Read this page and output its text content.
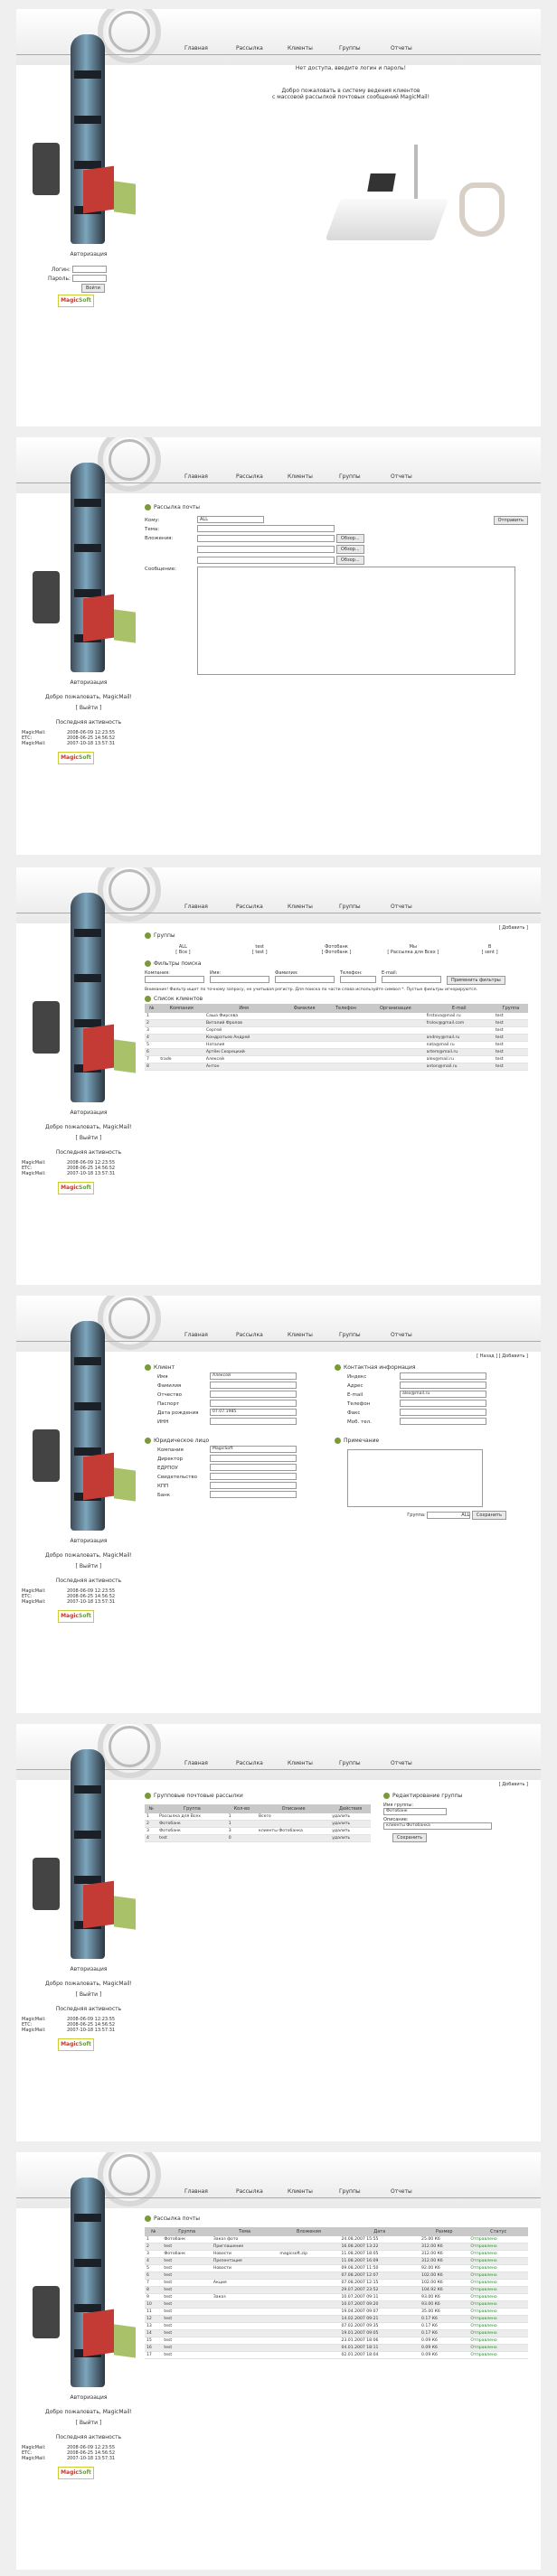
Главная	Рассылка	Клиенты	Группы	Отчеты
Нет доступа, введите логин и пароль!
Добро пожаловать в систему ведения клиентов
с массовой рассылкой почтовых сообщений MagicMail!
Авторизация
Логин:
Пароль:
Войти
MagicSoft
Главная	Рассылка	Клиенты	Группы	Отчеты
Рассылка почты
Кому:	ALL	Отправить
Тема:
Вложения:	Обзор...
Обзор...
Обзор...
Сообщение:
Авторизация
Добро пожаловать, MagicMail!
[ Выйти ]
Последняя активность
MagicMail:	2008-06-09 12:23:55
ЕТС:	2008-06-25 14:56:52
MagicMail:	2007-10-18 13:57:31
MagicSoft
Главная	Рассылка	Клиенты	Группы	Отчеты
[ Добавить ]
Группы
ALL
[ Все ]
test
[ test ]
Фотобанк
[ Фотобанк ]
Мы
[ Рассылка для Всех ]
В
[ sent ]
Фильтры поиска
Компания:	Имя:	Фамилия:	Телефон:	E-mail:
Применить фильтры
Внимание! Фильтр ищет по точному запросу, не учитывая регистр. Для поиска по части слова используйте символ *. Пустые фильтры игнорируются.
Список клиентов
№	Компания	Имя	Фамилия	Телефон	Организация	E-mail	Группа
1		Саша Фирсова				firstova@mail.ru	test
2		Виталий Фролов				frolov@gmail.com	test
3		Сергей					test
4		Кондратьев Андрей				andrey@mail.ru	test
5		Наталия				nata@mail.ru	test
6		Артём Скорецкий				artem@mail.ru	test
7	trade	Алексей				alex@mail.ru	test
8		Антон				anton@mail.ru	test
Авторизация
Добро пожаловать, MagicMail!
[ Выйти ]
Последняя активность
MagicMail:	2008-06-09 12:23:55
ЕТС:	2008-06-25 14:56:52
MagicMail:	2007-10-18 13:57:31
MagicSoft
Главная	Рассылка	Клиенты	Группы	Отчеты
[ Назад ] [ Добавить ]
Клиент
Имя	Алексей
Фамилия
Отчество
Паспорт
Дата рождения	07.07.1985
ИНН
Контактная информация
Индекс
Адрес
E-mail	alex@mail.ru
Телефон
Факс
Моб. тел.
Юридическое лицо
Компания	MagicSoft
Директор
ЕДРПОУ
Свидетельство
КПП
Банк
Примечание
Группа:	ALL Сохранить
Авторизация
Добро пожаловать, MagicMail!
[ Выйти ]
Последняя активность
MagicMail:	2008-06-09 12:23:55
ЕТС:	2008-06-25 14:56:52
MagicMail:	2007-10-18 13:57:31
MagicSoft
Главная	Рассылка	Клиенты	Группы	Отчеты
[ Добавить ]
Групповые почтовые рассылки
№	Группа	Кол-во	Описание	Действия
1	Рассылка для Всех	1	Всего	удалить
2	Фотобанк	1		удалить
3	Фотобанк	3	клиенты Фотобанка	удалить
4	test	0		удалить
Редактирование группы
Имя группы:
Фотобанк
Описание:
клиенты Фотобанка
Сохранить
Авторизация
Добро пожаловать, MagicMail!
[ Выйти ]
Последняя активность
MagicMail:	2008-06-09 12:23:55
ЕТС:	2008-06-25 14:56:52
MagicMail:	2007-10-18 13:57:31
MagicSoft
Главная	Рассылка	Клиенты	Группы	Отчеты
Рассылка почты
№	Группа	Тема	Вложения	Дата	Размер	Статус
1	Фотобанк	Заказ фото		24.08.2007 15:55	25.00 Кб	Отправлено
2	test	Приглашение		16.08.2007 13:22	312.00 Кб	Отправлено
3	Фотобанк	Новости	magicsoft.zip	11.08.2007 18:05	312.00 Кб	Отправлено
4	test	Презентация		11.08.2007 16:09	312.00 Кб	Отправлено
5	test	Новости		09.08.2007 11:50	92.00 Кб	Отправлено
6	test			07.08.2007 12:07	102.00 Кб	Отправлено
7	test	Акция		07.08.2007 12:15	102.00 Кб	Отправлено
8	test			29.07.2007 23:52	104.92 Кб	Отправлено
9	test	Заказ		10.07.2007 09:11	93.00 Кб	Отправлено
10	test			10.07.2007 09:20	93.00 Кб	Отправлено
11	test			19.04.2007 09:07	35.00 Кб	Отправлено
12	test			14.02.2007 09:21	0.17 Кб	Отправлено
13	test			07.02.2007 09:35	0.17 Кб	Отправлено
14	test			19.01.2007 09:05	0.17 Кб	Отправлено
15	test			23.01.2007 18:06	0.09 Кб	Отправлено
16	test			04.01.2007 18:11	0.09 Кб	Отправлено
17	test			02.01.2007 18:04	0.09 Кб	Отправлено
Авторизация
Добро пожаловать, MagicMail!
[ Выйти ]
Последняя активность
MagicMail:	2008-06-09 12:23:55
ЕТС:	2008-06-25 14:56:52
MagicMail:	2007-10-18 13:57:31
MagicSoft
